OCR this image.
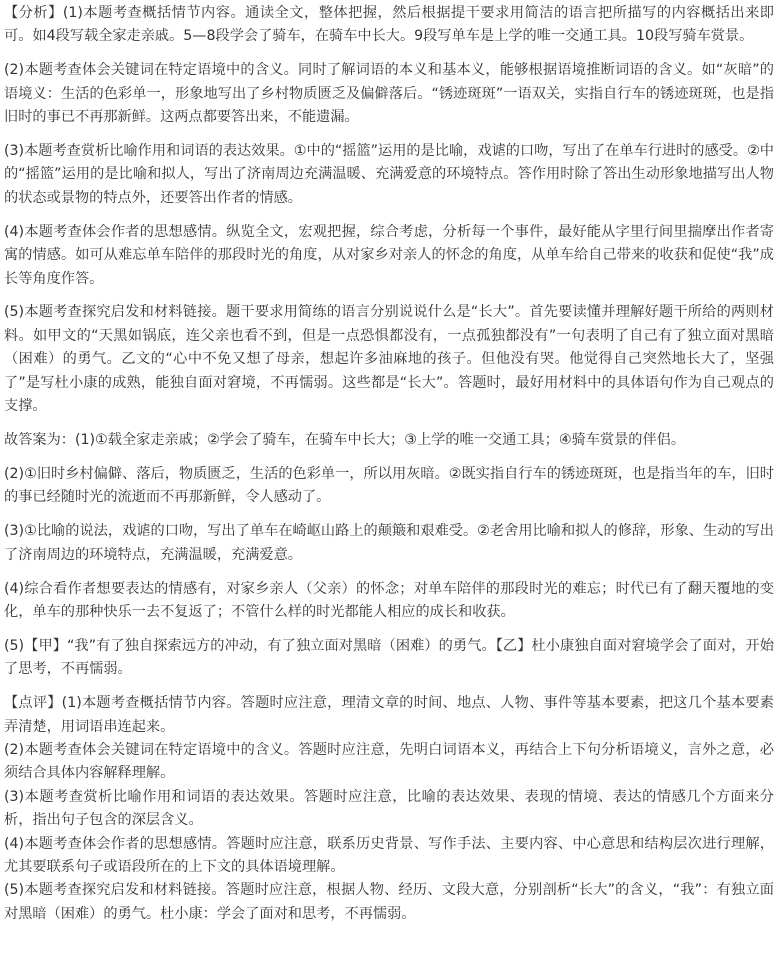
【分析】(1)本题考查概括情节内容。通读全文，整体把握，然后根据提干要求用简洁的语言把所描写的内容概括出来即可。如4段写载全家走亲戚。5—8段学会了骑车，在骑车中长大。9段写单车是上学的唯一交通工具。10段写骑车赏景。

(2)本题考查体会关键词在特定语境中的含义。同时了解词语的本义和基本义，能够根据语境推断词语的含义。如“灰暗”的语境义：生活的色彩单一，形象地写出了乡村物质匮乏及偏僻落后。“锈迹斑斑”一语双关，实指自行车的锈迹斑斑，也是指旧时的事已不再那新鲜。这两点都要答出来，不能遗漏。

(3)本题考查赏析比喻作用和词语的表达效果。①中的“摇篮”运用的是比喻，戏谑的口吻，写出了在单车行进时的感受。②中的“摇篮”运用的是比喻和拟人，写出了济南周边充满温暖、充满爱意的环境特点。答作用时除了答出生动形象地描写出人物的状态或景物的特点外，还要答出作者的情感。

(4)本题考查体会作者的思想感情。纵览全文，宏观把握，综合考虑，分析每一个事件，最好能从字里行间里揣摩出作者寄寓的情感。如可从难忘单车陪伴的那段时光的角度，从对家乡对亲人的怀念的角度，从单车给自己带来的收获和促使“我”成长等角度作答。

(5)本题考查探究启发和材料链接。题干要求用简练的语言分别说说什么是“长大”。首先要读懂并理解好题干所给的两则材料。如甲文的“天黑如锅底，连父亲也看不到，但是一点恐惧都没有，一点孤独都没有”一句表明了自己有了独立面对黑暗（困难）的勇气。乙文的“心中不免又想了母亲，想起许多油麻地的孩子。但他没有哭。他觉得自己突然地长大了，坚强了”是写杜小康的成熟，能独自面对窘境，不再懦弱。这些都是“长大”。答题时，最好用材料中的具体语句作为自己观点的支撑。

故答案为：(1)①载全家走亲戚；②学会了骑车，在骑车中长大；③上学的唯一交通工具；④骑车赏景的伴侣。

(2)①旧时乡村偏僻、落后，物质匮乏，生活的色彩单一，所以用灰暗。②既实指自行车的锈迹斑斑，也是指当年的车，旧时的事已经随时光的流逝而不再那新鲜，令人感动了。

(3)①比喻的说法，戏谑的口吻，写出了单车在崎岖山路上的颠簸和艰难受。②老舍用比喻和拟人的修辞，形象、生动的写出了济南周边的环境特点，充满温暖，充满爱意。

(4)综合看作者想要表达的情感有，对家乡亲人（父亲）的怀念；对单车陪伴的那段时光的难忘；时代已有了翻天覆地的变化，单车的那种快乐一去不复返了；不管什么样的时光都能人相应的成长和收获。

(5)【甲】“我”有了独自探索远方的冲动，有了独立面对黑暗（困难）的勇气。【乙】杜小康独自面对窘境学会了面对，开始了思考，不再懦弱。

【点评】(1)本题考查概括情节内容。答题时应注意，理清文章的时间、地点、人物、事件等基本要素，把这几个基本要素弄清楚，用词语串连起来。

(2)本题考查体会关键词在特定语境中的含义。答题时应注意，先明白词语本义，再结合上下句分析语境义，言外之意，必须结合具体内容解释理解。

(3)本题考查赏析比喻作用和词语的表达效果。答题时应注意，比喻的表达效果、表现的情境、表达的情感几个方面来分析，指出句子包含的深层含义。

(4)本题考查体会作者的思想感情。答题时应注意，联系历史背景、写作手法、主要内容、中心意思和结构层次进行理解，尤其要联系句子或语段所在的上下文的具体语境理解。

(5)本题考查探究启发和材料链接。答题时应注意，根据人物、经历、文段大意，分别剖析“长大”的含义，“我”：有独立面对黑暗（困难）的勇气。杜小康：学会了面对和思考，不再懦弱。
